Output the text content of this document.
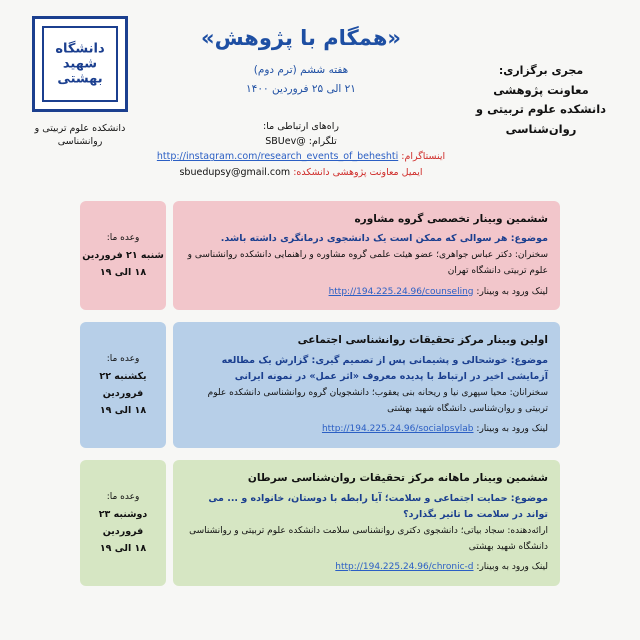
مجری برگزاری:
معاونت پژوهشی
دانشکده علوم تربیتی و روان‌شناسی
«همگام با پژوهش»
هفته ششم (ترم دوم)
۲۱ الی ۲۵ فروردین ۱۴۰۰
راه‌های ارتباطی ما:
تلگرام: @SBUev
اینستاگرام: http://instagram.com/research_events_of_beheshti
ایمیل معاونت پژوهشی دانشکده: sbuedupsy@gmail.com
دانشگاه شهید بهشتی
دانشکده علوم تربیتی و روانشناسی
ششمین وبینار تخصصی گروه مشاوره
موضوع: هر سوالی که ممکن است یک دانشجوی درمانگری داشته باشد.
سخنران: دکتر عباس جواهری؛ عضو هیئت علمی گروه مشاوره و راهنمایی دانشکده روانشناسی و علوم تربیتی دانشگاه تهران
لینک ورود به وبینار: http://194.225.24.96/counseling
وعده ما:
شنبه ۲۱ فروردین
۱۸ الی ۱۹
اولین وبینار مرکز تحقیقات روانشناسی اجتماعی
موضوع: خوشحالی و پشیمانی پس از تصمیم گیری: گزارش یک مطالعه آزمایشی اخیر در ارتباط با پدیده معروف «اثر عمل» در نمونه ایرانی
سخنرانان: محیا سپهری نیا و ریحانه بنی یعقوب؛ دانشجویان گروه روانشناسی دانشکده علوم تربیتی و روان‌شناسی دانشگاه شهید بهشتی
لینک ورود به وبینار: http://194.225.24.96/socialpsylab
وعده ما:
یکشنبه ۲۲ فروردین
۱۸ الی ۱۹
ششمین وبینار ماهانه مرکز تحقیقات روان‌شناسی سرطان
موضوع: حمایت اجتماعی و سلامت؛ آیا رابطه با دوستان، خانواده و ... می تواند در سلامت ما تاثیر بگذارد؟
ارائه‌دهنده: سجاد بیاتی؛ دانشجوی دکتری روانشناسی سلامت دانشکده علوم تربیتی و روانشناسی دانشگاه شهید بهشتی
لینک ورود به وبینار: http://194.225.24.96/chronic-d
وعده ما:
دوشنبه ۲۳ فروردین
۱۸ الی ۱۹
